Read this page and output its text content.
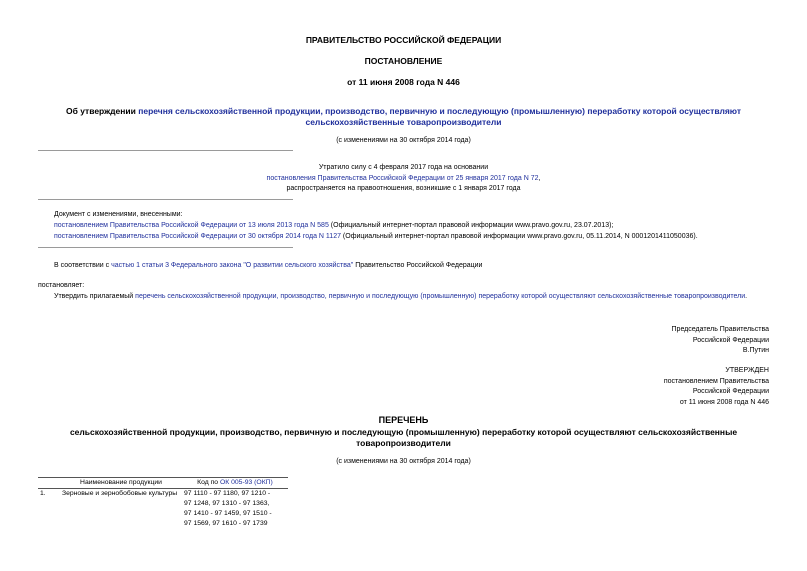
ПРАВИТЕЛЬСТВО РОССИЙСКОЙ ФЕДЕРАЦИИ
ПОСТАНОВЛЕНИЕ
от 11 июня 2008 года N 446
Об утверждении перечня сельскохозяйственной продукции, производство, первичную и последующую (промышленную) переработку которой осуществляют
сельскохозяйственные товаропроизводители
(с изменениями на 30 октября 2014 года)
Утратило силу с 4 февраля 2017 года на основании
постановления Правительства Российской Федерации от 25 января 2017 года N 72,
распространяется на правоотношения, возникшие с 1 января 2017 года
Документ с изменениями, внесенными:
постановлением Правительства Российской Федерации от 13 июля 2013 года N 585 (Официальный интернет-портал правовой информации www.pravo.gov.ru, 23.07.2013);
постановлением Правительства Российской Федерации от 30 октября 2014 года N 1127 (Официальный интернет-портал правовой информации www.pravo.gov.ru, 05.11.2014, N 0001201411050036).
В соответствии с частью 1 статьи 3 Федерального закона "О развитии сельского хозяйства" Правительство Российской Федерации
постановляет:
Утвердить прилагаемый перечень сельскохозяйственной продукции, производство, первичную и последующую (промышленную) переработку которой осуществляют сельскохозяйственные товаропроизводители.
Председатель Правительства
Российской Федерации
В.Путин
УТВЕРЖДЕН
постановлением Правительства
Российской Федерации
от 11 июня 2008 года N 446
ПЕРЕЧЕНЬ
сельскохозяйственной продукции, производство, первичную и последующую (промышленную) переработку которой осуществляют сельскохозяйственные
товаропроизводители
(с изменениями на 30 октября 2014 года)
	Наименование продукции	Код по ОК 005-93 (ОКП)
1.	Зерновые и зернобобовые культуры	97 1110 - 97 1180, 97 1210 -
97 1248, 97 1310 - 97 1363,
97 1410 - 97 1459, 97 1510 -
97 1569, 97 1610 - 97 1739
